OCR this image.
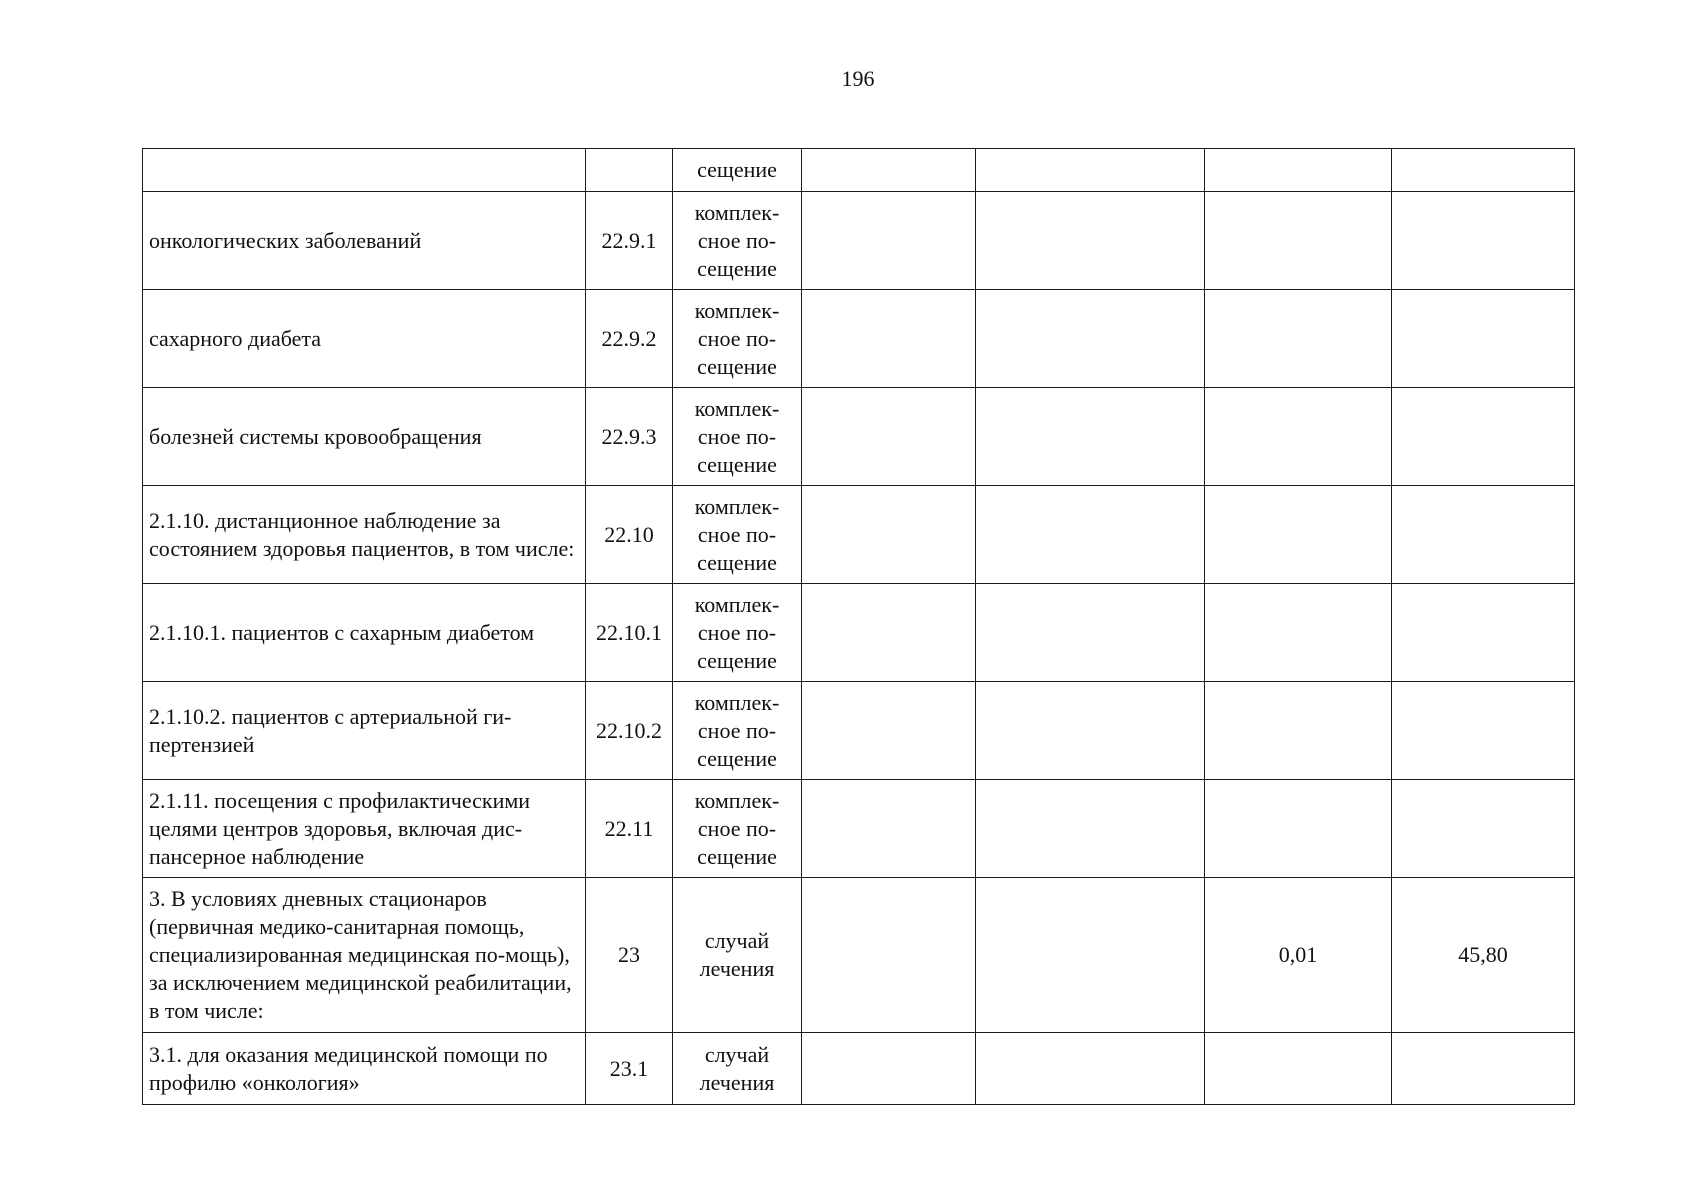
196

		сещение				

онкологических заболеваний	22.9.1	комплек-
сное по-
сещение				

сахарного диабета	22.9.2	комплек-
сное по-
сещение				

болезней системы кровообращения	22.9.3	комплек-
сное по-
сещение				

2.1.10. дистанционное наблюдение за состоянием здоровья пациентов, в том числе:	22.10	комплек-
сное по-
сещение				

2.1.10.1. пациентов с сахарным диабетом	22.10.1	комплек-
сное по-
сещение				

2.1.10.2. пациентов с артериальной ги-пертензией	22.10.2	комплек-
сное по-
сещение				

2.1.11. посещения с профилактическими целями центров здоровья, включая дис-пансерное наблюдение	22.11	комплек-
сное по-
сещение				

3. В условиях дневных стационаров (первичная медико-санитарная помощь, специализированная медицинская по-мощь), за исключением медицинской реабилитации, в том числе:	23	случай
лечения			0,01	45,80
3.1. для оказания медицинской помощи по профилю «онкология»	23.1	случай
лечения				
